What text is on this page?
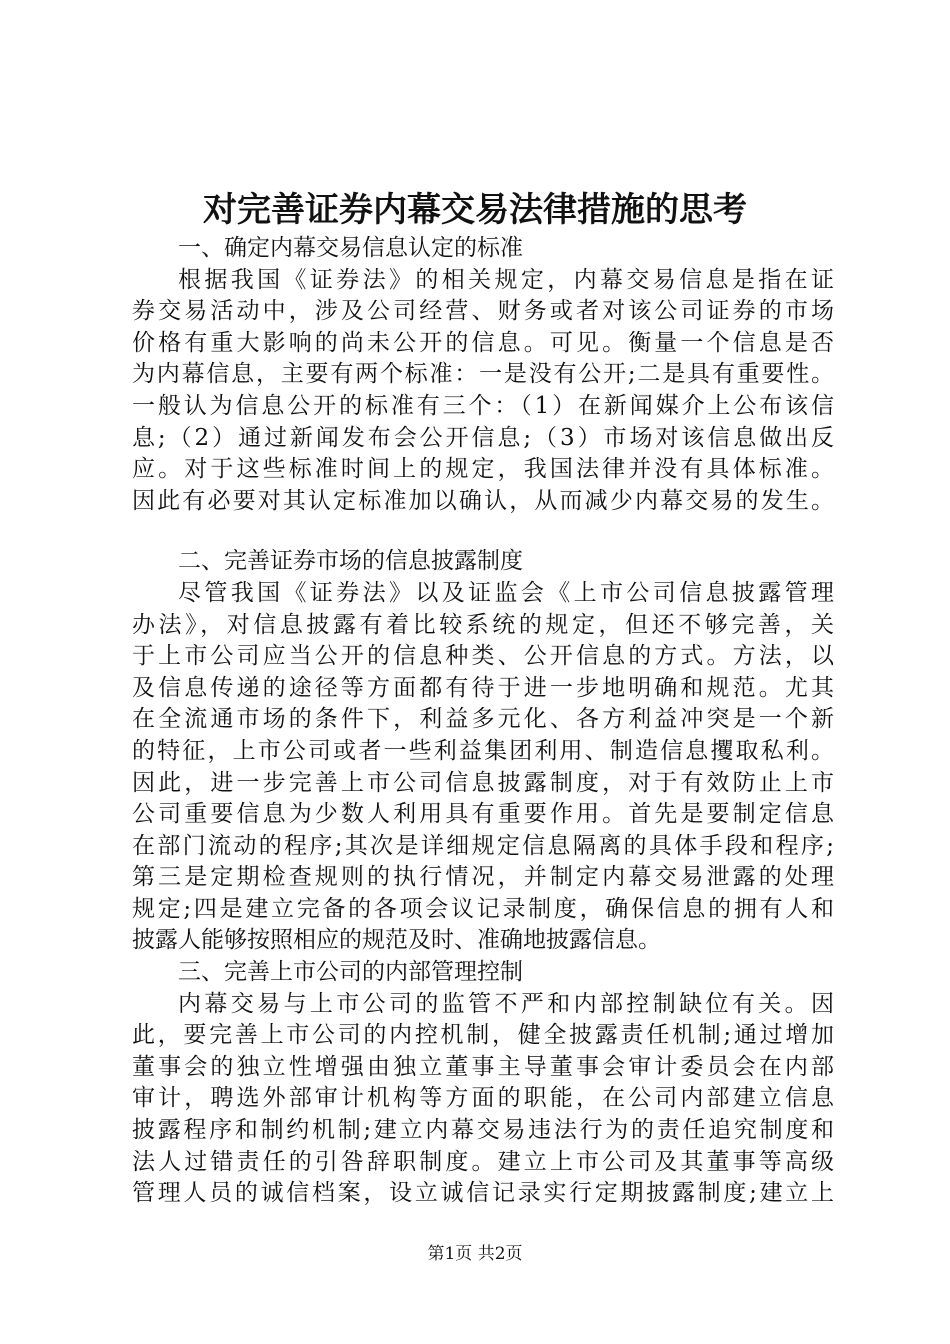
对完善证券内幕交易法律措施的思考
一、确定内幕交易信息认定的标准
根据我国《证券法》的相关规定，内幕交易信息是指在证
券交易活动中，涉及公司经营、财务或者对该公司证券的市场
价格有重大影响的尚未公开的信息。可见。衡量一个信息是否
为内幕信息，主要有两个标准：一是没有公开;二是具有重要性。
一般认为信息公开的标准有三个：（1）在新闻媒介上公布该信
息;（2）通过新闻发布会公开信息;（3）市场对该信息做出反
应。对于这些标准时间上的规定，我国法律并没有具体标准。
因此有必要对其认定标准加以确认，从而减少内幕交易的发生。
二、完善证券市场的信息披露制度
尽管我国《证券法》以及证监会《上市公司信息披露管理
办法》，对信息披露有着比较系统的规定，但还不够完善，关
于上市公司应当公开的信息种类、公开信息的方式。方法，以
及信息传递的途径等方面都有待于进一步地明确和规范。尤其
在全流通市场的条件下，利益多元化、各方利益冲突是一个新
的特征，上市公司或者一些利益集团利用、制造信息攫取私利。
因此，进一步完善上市公司信息披露制度，对于有效防止上市
公司重要信息为少数人利用具有重要作用。首先是要制定信息
在部门流动的程序;其次是详细规定信息隔离的具体手段和程序;
第三是定期检查规则的执行情况，并制定内幕交易泄露的处理
规定;四是建立完备的各项会议记录制度，确保信息的拥有人和
披露人能够按照相应的规范及时、准确地披露信息。
三、完善上市公司的内部管理控制
内幕交易与上市公司的监管不严和内部控制缺位有关。因
此，要完善上市公司的内控机制，健全披露责任机制;通过增加
董事会的独立性增强由独立董事主导董事会审计委员会在内部
审计，聘选外部审计机构等方面的职能，在公司内部建立信息
披露程序和制约机制;建立内幕交易违法行为的责任追究制度和
法人过错责任的引咎辞职制度。建立上市公司及其董事等高级
管理人员的诚信档案，设立诚信记录实行定期披露制度;建立上
第1页 共2页
